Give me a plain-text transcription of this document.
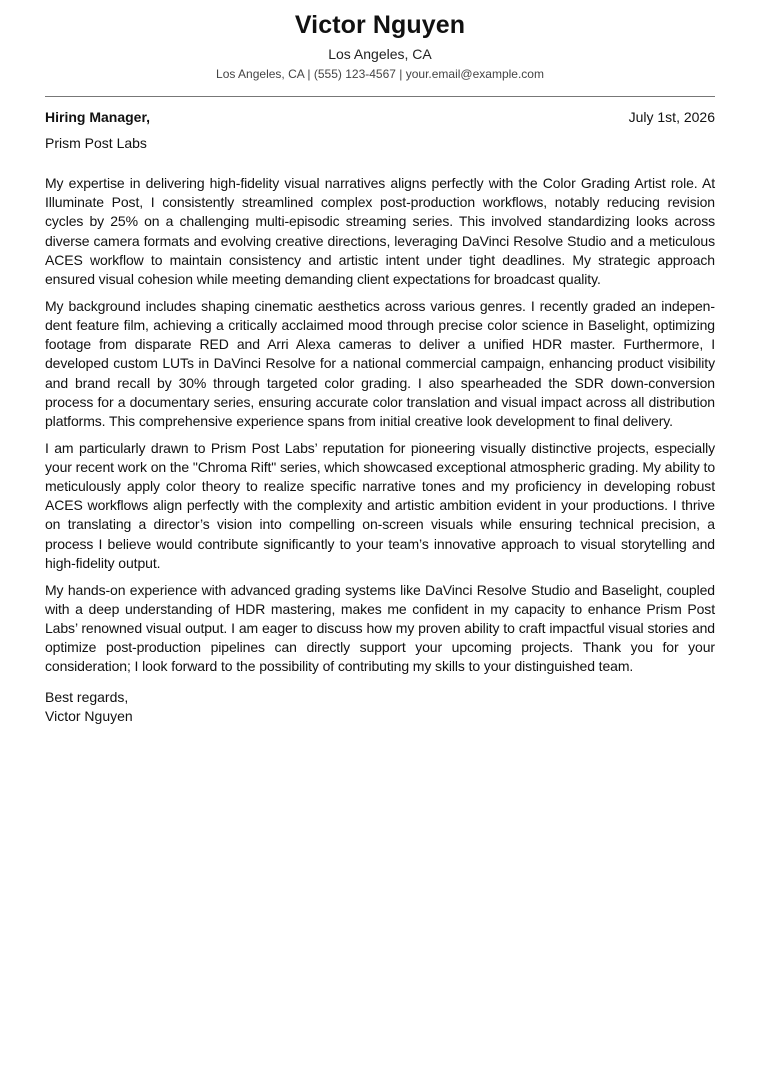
Victor Nguyen
Los Angeles, CA
Los Angeles, CA | (555) 123-4567 | your.email@example.com
Hiring Manager,	July 1st, 2026
Prism Post Labs

My expertise in delivering high-fidelity visual narratives aligns perfectly with the Color Grading Artist role. At Illuminate Post, I consistently streamlined complex post-production workflows, notably reducing revision cycles by 25% on a challenging multi-episodic streaming series. This involved standardizing looks across diverse camera formats and evolving creative directions, leveraging DaVinci Resolve Studio and a meticulous ACES workflow to maintain consistency and artistic intent under tight deadlines. My strategic approach ensured visual cohesion while meeting demanding client expectations for broadcast quality.

My background includes shaping cinematic aesthetics across various genres. I recently graded an independent feature film, achieving a critically acclaimed mood through precise color science in Baselight, optimizing footage from disparate RED and Arri Alexa cameras to deliver a unified HDR master. Furthermore, I developed custom LUTs in DaVinci Resolve for a national commercial campaign, enhancing product visibility and brand recall by 30% through targeted color grading. I also spearheaded the SDR down-conversion process for a documentary series, ensuring accurate color translation and visual impact across all distribution platforms. This comprehensive experience spans from initial creative look development to final delivery.

I am particularly drawn to Prism Post Labs’ reputation for pioneering visually distinctive projects, especially your recent work on the "Chroma Rift" series, which showcased exceptional atmospheric grading. My ability to meticulously apply color theory to realize specific narrative tones and my proficiency in developing robust ACES workflows align perfectly with the complexity and artistic ambition evident in your productions. I thrive on translating a director’s vision into compelling on-screen visuals while ensuring technical precision, a process I believe would contribute significantly to your team’s innovative approach to visual storytelling and high-fidelity output.

My hands-on experience with advanced grading systems like DaVinci Resolve Studio and Baselight, coupled with a deep understanding of HDR mastering, makes me confident in my capacity to enhance Prism Post Labs’ renowned visual output. I am eager to discuss how my proven ability to craft impactful visual stories and optimize post-production pipelines can directly support your upcoming projects. Thank you for your consideration; I look forward to the possibility of contributing my skills to your distinguished team.

Best regards,
Victor Nguyen
